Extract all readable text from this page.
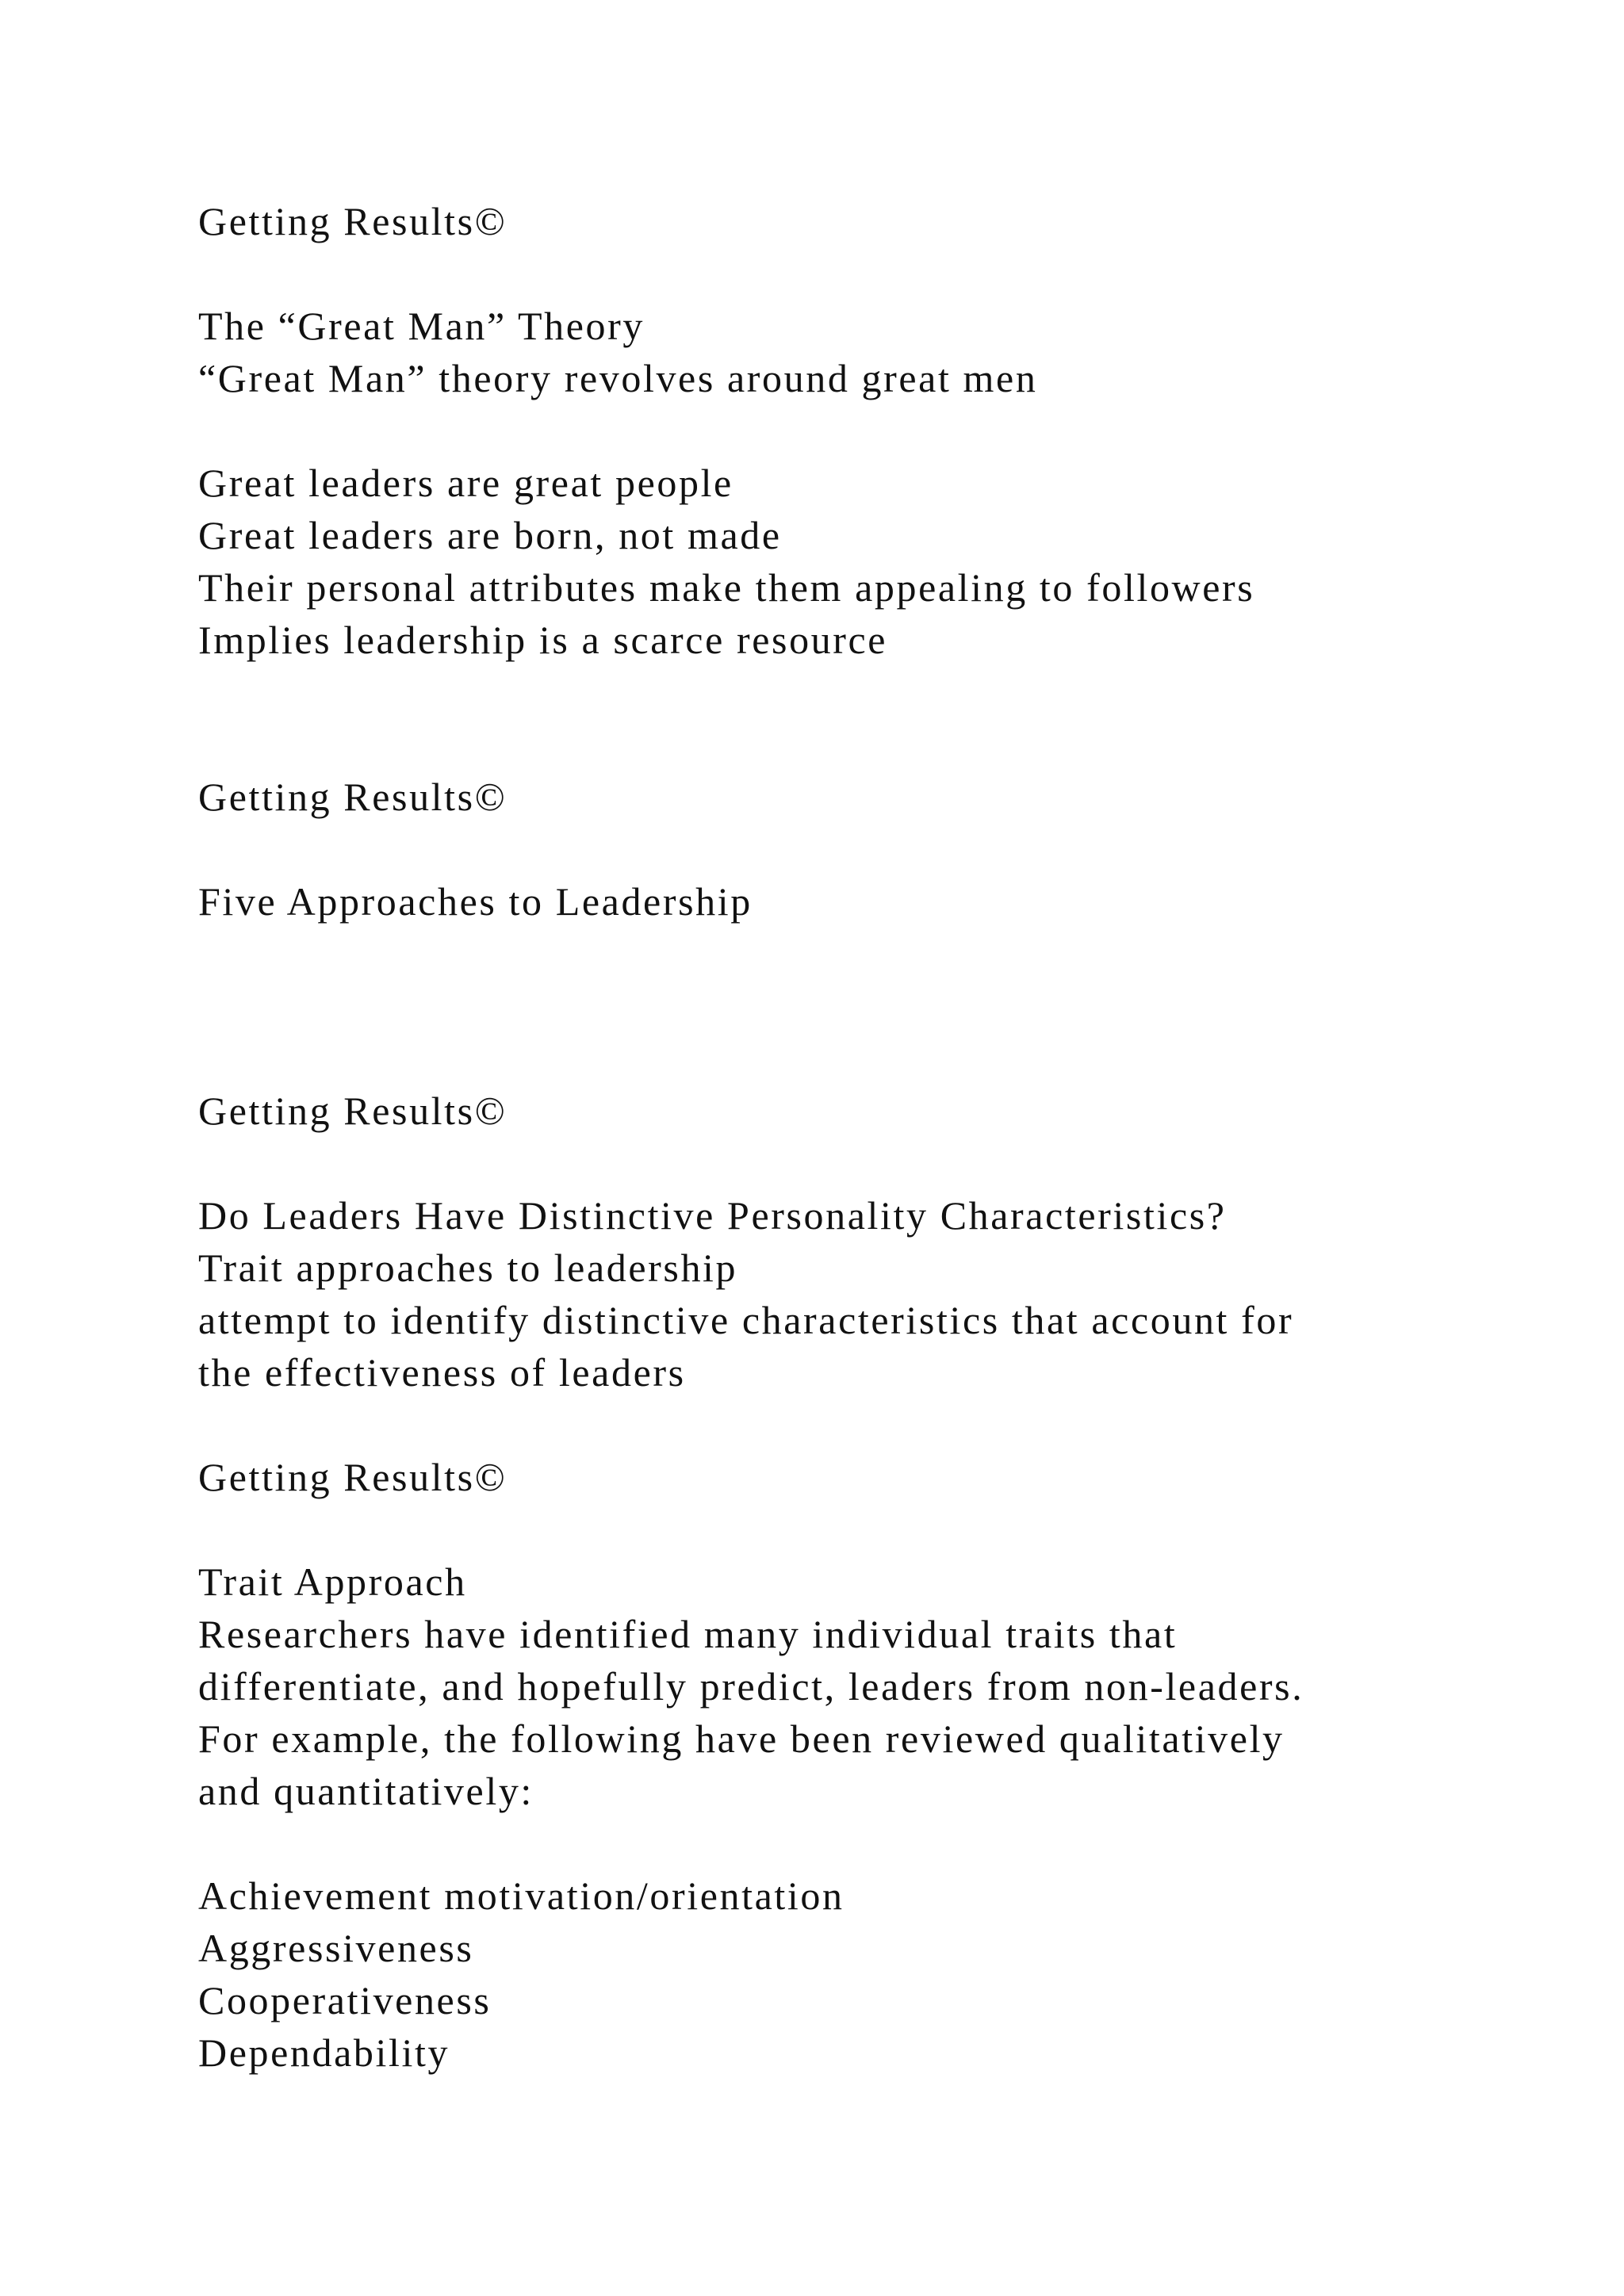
Getting Results©
The “Great Man” Theory
“Great Man” theory revolves around great men
Great leaders are great people
Great leaders are born, not made
Their personal attributes make them appealing to followers
Implies leadership is a scarce resource
Getting Results©
Five Approaches to Leadership
Getting Results©
Do Leaders Have Distinctive Personality Characteristics?
Trait approaches to leadership
attempt to identify distinctive characteristics that account for
the effectiveness of leaders
Getting Results©
Trait Approach
Researchers have identified many individual traits that
differentiate, and hopefully predict, leaders from non-leaders.
For example, the following have been reviewed qualitatively
and quantitatively:
Achievement motivation/orientation
Aggressiveness
Cooperativeness
Dependability
